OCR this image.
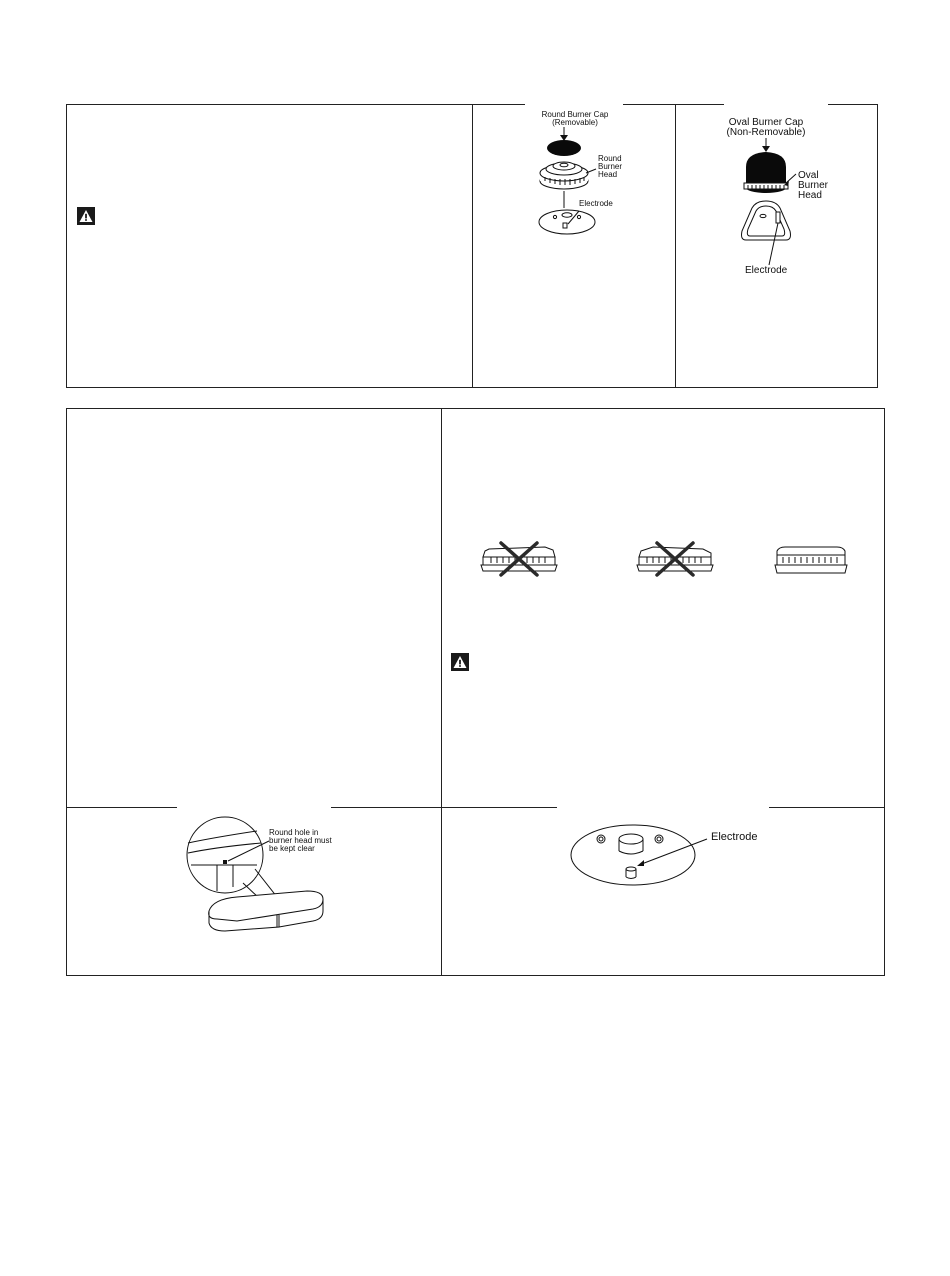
Round Burner Cap
(Removable)
Round
Burner
Head
Electrode
Oval Burner Cap
(Non-Removable)
Oval
Burner
Head
Electrode
Round hole in
burner head must
be kept clear
Electrode
